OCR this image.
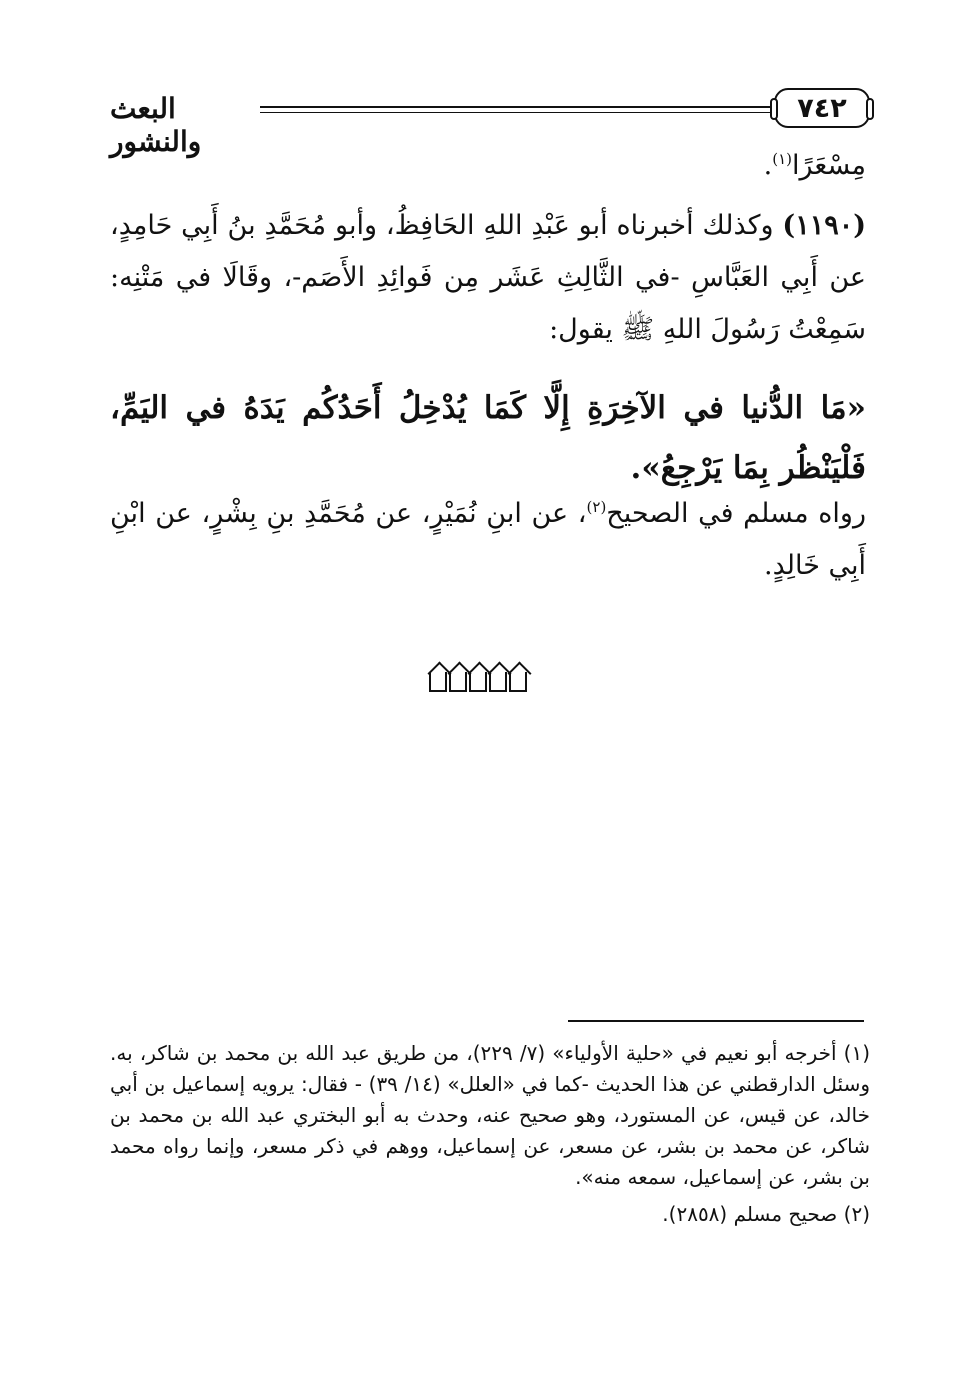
٧٤٢
البعث والنشور
مِسْعَرًا$^{(١)}$.
(١١٩٠) وكذلك أخبرناه أبو عَبْدِ اللهِ الحَافِظُ، وأبو مُحَمَّدِ بنُ أَبِي حَامِدٍ، عن أَبِي العَبَّاسِ -في الثَّالِثِ عَشَر مِن فَوائِدِ الأَصَم-، وقَالَا في مَتْنِه: سَمِعْتُ رَسُولَ اللهِ ﷺ يقول:
«مَا الدُّنيا في الآخِرَةِ إِلَّا كَمَا يُدْخِلُ أَحَدُكُم يَدَهُ في اليَمِّ، فَلْيَنْظُر بِمَا يَرْجِعُ».
رواه مسلم في الصحيح$^{(٢)}$، عن ابنِ نُمَيْرٍ، عن مُحَمَّدِ بنِ بِشْرٍ، عن ابْنِ أَبِي خَالِدٍ.

(١) أخرجه أبو نعيم في «حلية الأولياء» (٧/ ٢٢٩)، من طريق عبد الله بن محمد بن شاكر، به. وسئل الدارقطني عن هذا الحديث -كما في «العلل» (١٤/ ٣٩) - فقال: يرويه إسماعيل بن أبي خالد، عن قيس، عن المستورد، وهو صحيح عنه، وحدث به أبو البختري عبد الله بن محمد بن شاكر، عن محمد بن بشر، عن مسعر، عن إسماعيل، ووهم في ذكر مسعر، وإنما رواه محمد بن بشر، عن إسماعيل، سمعه منه».

(٢) صحيح مسلم (٢٨٥٨).
